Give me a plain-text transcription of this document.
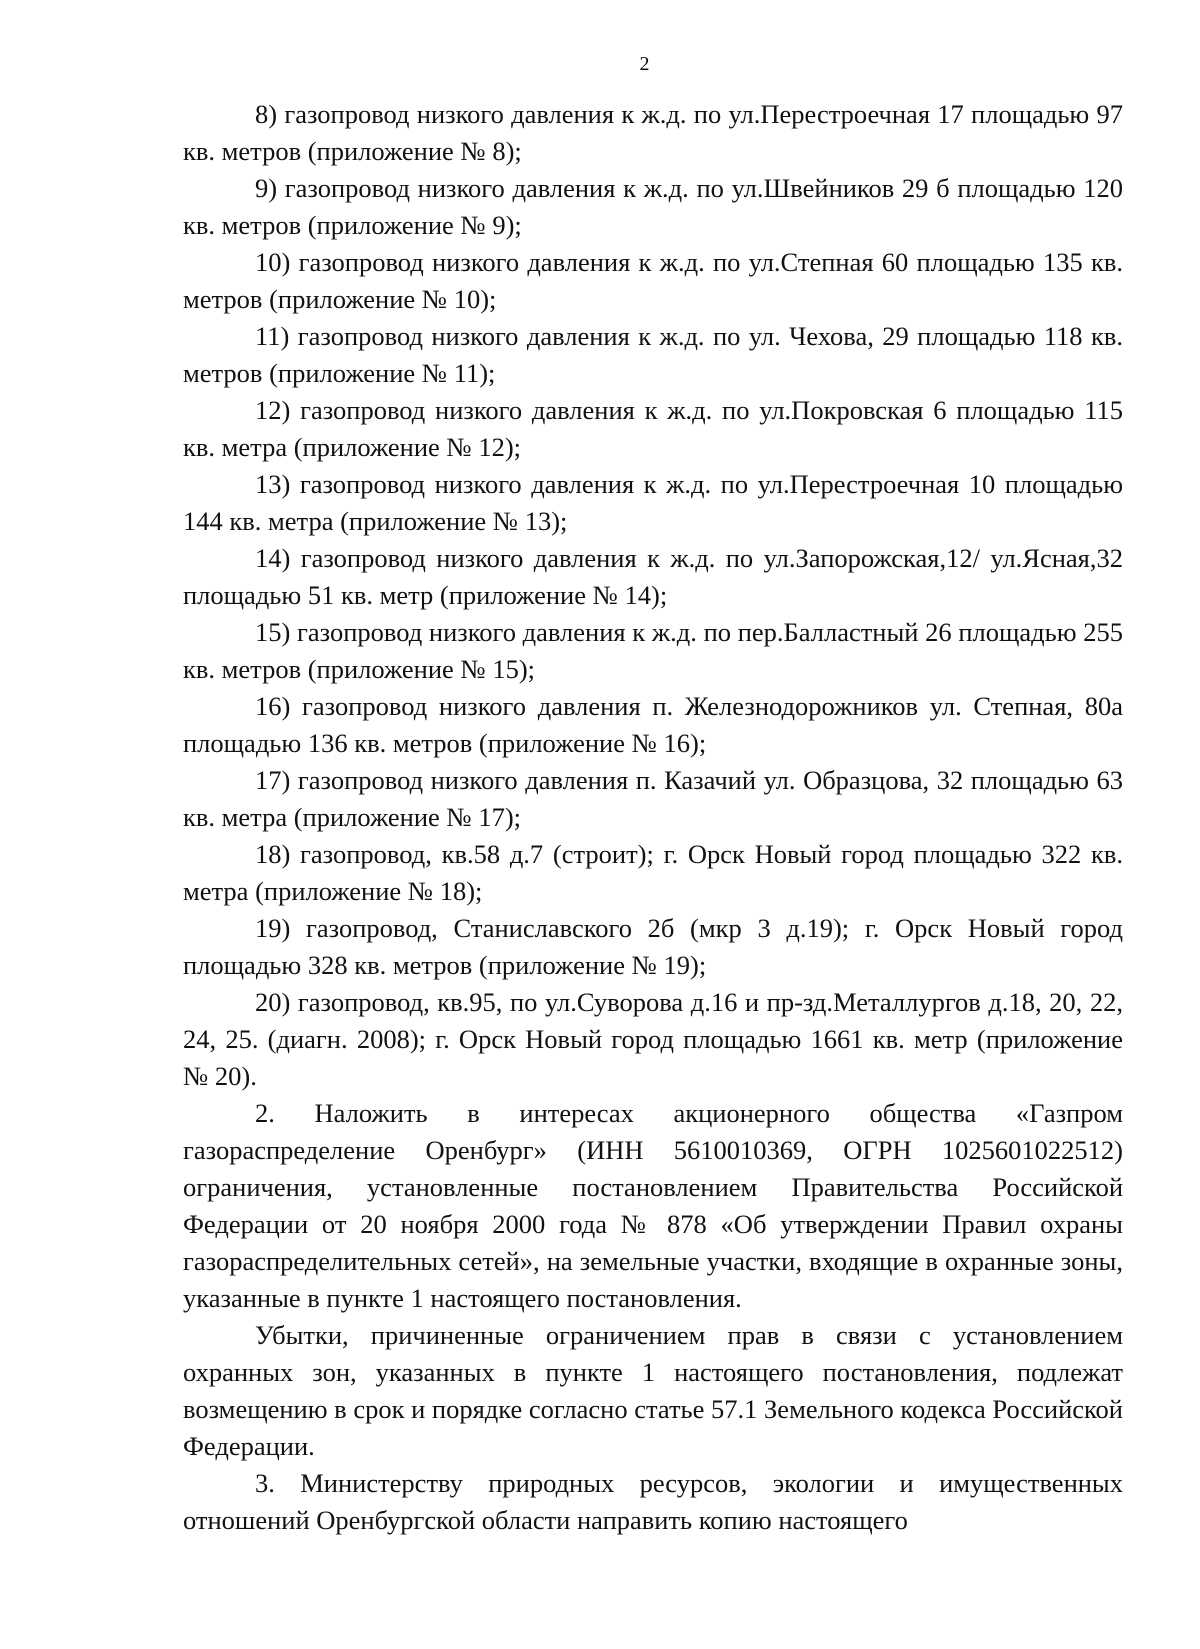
2

8) газопровод низкого давления к ж.д. по ул.Перестроечная 17 площадью 97 кв. метров (приложение № 8);

9) газопровод низкого давления к ж.д. по ул.Швейников 29 б площадью 120 кв. метров (приложение № 9);

10) газопровод низкого давления к ж.д. по ул.Степная 60 площадью 135 кв. метров (приложение № 10);

11) газопровод низкого давления к ж.д. по ул. Чехова, 29 площадью 118 кв. метров (приложение № 11);

12) газопровод низкого давления к ж.д. по ул.Покровская 6 площадью 115 кв. метра (приложение № 12);

13) газопровод низкого давления к ж.д. по ул.Перестроечная 10 площадью 144 кв. метра (приложение № 13);

14) газопровод низкого давления к ж.д. по ул.Запорожская,12/ ул.Ясная,32 площадью 51 кв. метр (приложение № 14);

15) газопровод низкого давления к ж.д. по пер.Балластный 26 площадью 255 кв. метров (приложение № 15);

16) газопровод низкого давления п. Железнодорожников ул. Степная, 80а площадью 136 кв. метров (приложение № 16);

17) газопровод низкого давления п. Казачий ул. Образцова, 32 площадью 63 кв. метра (приложение № 17);

18) газопровод, кв.58 д.7 (строит); г. Орск Новый город площадью 322 кв. метра (приложение № 18);

19) газопровод, Станиславского 2б (мкр 3 д.19); г. Орск Новый город площадью 328 кв. метров (приложение № 19);

20) газопровод, кв.95, по ул.Суворова д.16 и пр-зд.Металлургов д.18, 20, 22, 24, 25. (диагн. 2008); г. Орск Новый город площадью 1661 кв. метр (приложение № 20).

2. Наложить в интересах акционерного общества «Газпром газораспределение Оренбург» (ИНН 5610010369, ОГРН 1025601022512) ограничения, установленные постановлением Правительства Российской Федерации от 20 ноября 2000 года № 878 «Об утверждении Правил охраны газораспределительных сетей», на земельные участки, входящие в охранные зоны, указанные в пункте 1 настоящего постановления.

Убытки, причиненные ограничением прав в связи с установлением охранных зон, указанных в пункте 1 настоящего постановления, подлежат возмещению в срок и порядке согласно статье 57.1 Земельного кодекса Российской Федерации.

3. Министерству природных ресурсов, экологии и имущественных отношений Оренбургской области направить копию настоящего
